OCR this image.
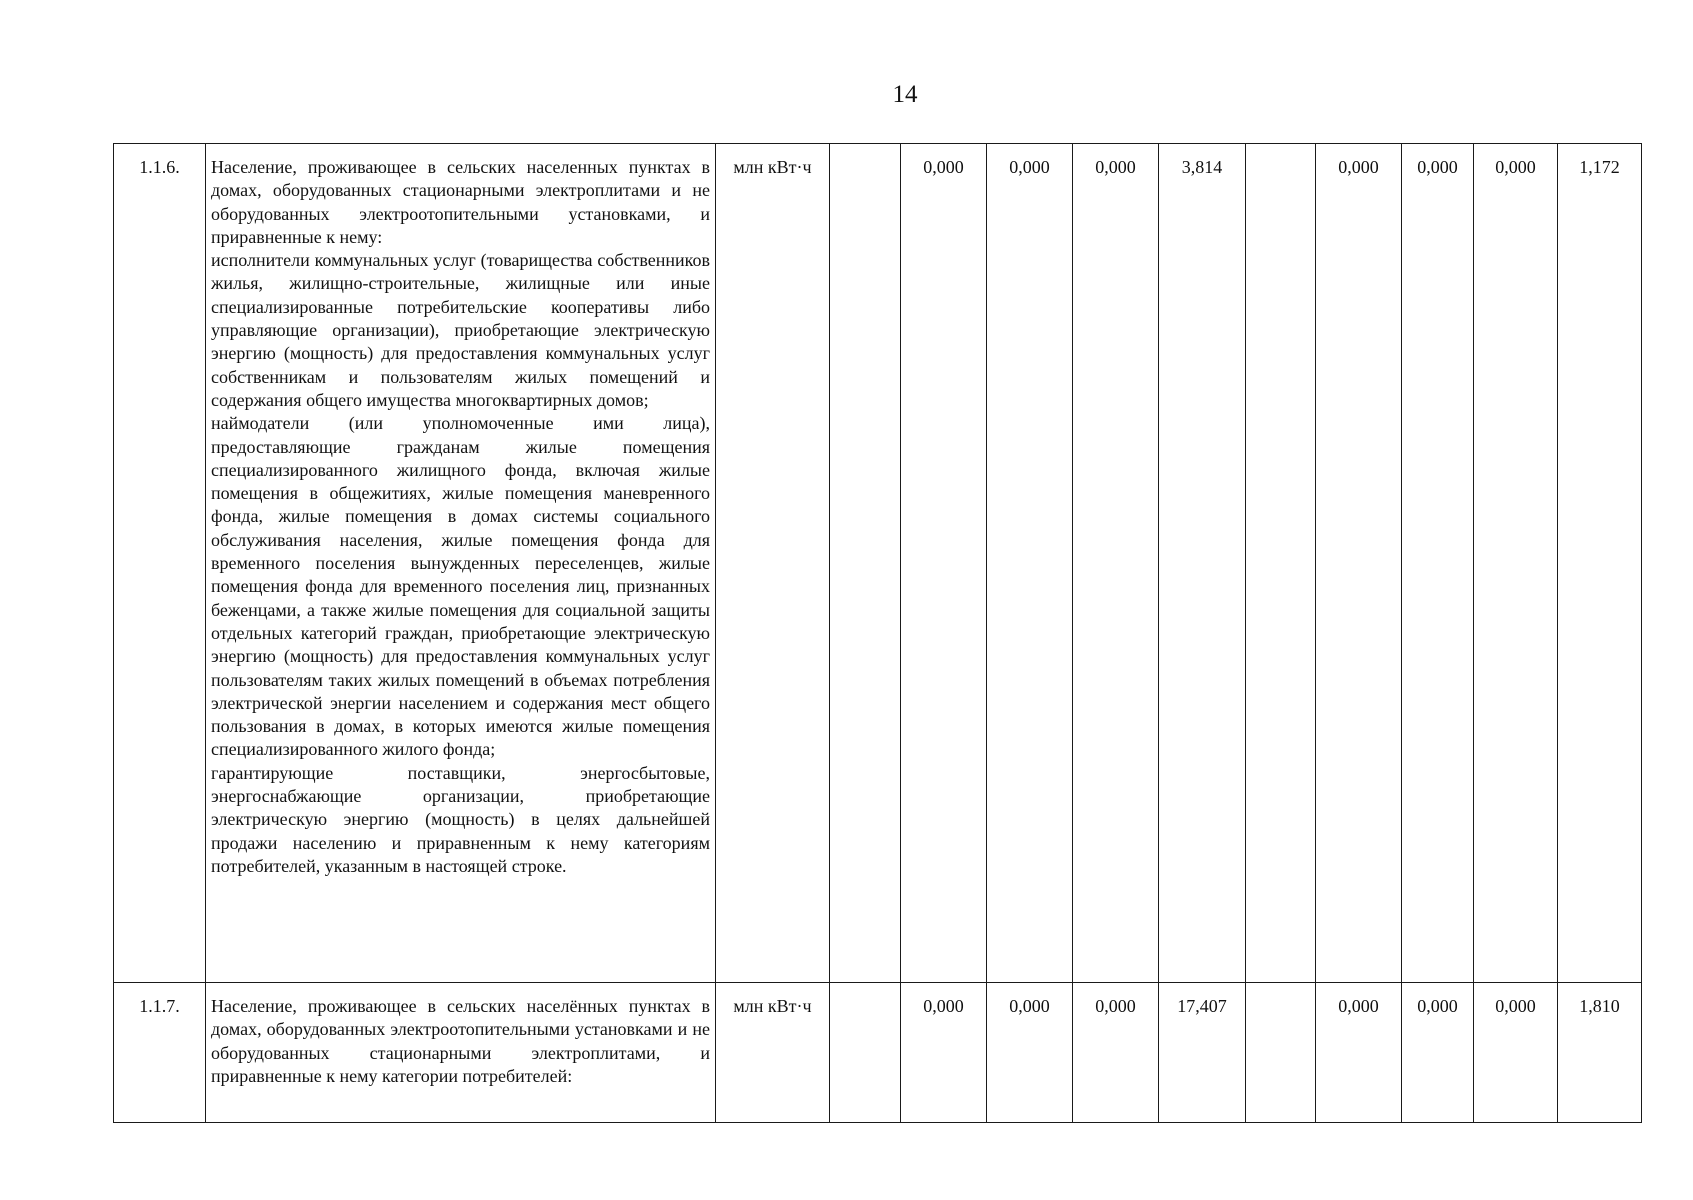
14
1.1.6.	Население, проживающее в сельских населенных пунктах в домах, оборудованных стационарными электроплитами и не оборудованных электроотопительными установками, и приравненные к нему:
исполнители коммунальных услуг (товарищества собственников жилья, жилищно-строительные, жилищные или иные специализированные потребительские кооперативы либо управляющие организации), приобретающие электрическую энергию (мощность) для предоставления коммунальных услуг собственникам и пользователям жилых помещений и содержания общего имущества многоквартирных домов;
наймодатели (или уполномоченные ими лица), предоставляющие гражданам жилые помещения специализированного жилищного фонда, включая жилые помещения в общежитиях, жилые помещения маневренного фонда, жилые помещения в домах системы социального обслуживания населения, жилые помещения фонда для временного поселения вынужденных переселенцев, жилые помещения фонда для временного поселения лиц, признанных беженцами, а также жилые помещения для социальной защиты отдельных категорий граждан, приобретающие электрическую энергию (мощность) для предоставления коммунальных услуг пользователям таких жилых помещений в объемах потребления электрической энергии населением и содержания мест общего пользования в домах, в которых имеются жилые помещения специализированного жилого фонда;
гарантирующие поставщики, энергосбытовые, энергоснабжающие организации, приобретающие электрическую энергию (мощность) в целях дальнейшей продажи населению и приравненным к нему категориям потребителей, указанным в настоящей строке.	млн кВт·ч		0,000	0,000	0,000	3,814		0,000	0,000	0,000	1,172
1.1.7.	Население, проживающее в сельских населённых пунктах в домах, оборудованных электроотопительными установками и не оборудованных стационарными электроплитами, и приравненные к нему категории потребителей:	млн кВт·ч		0,000	0,000	0,000	17,407		0,000	0,000	0,000	1,810
